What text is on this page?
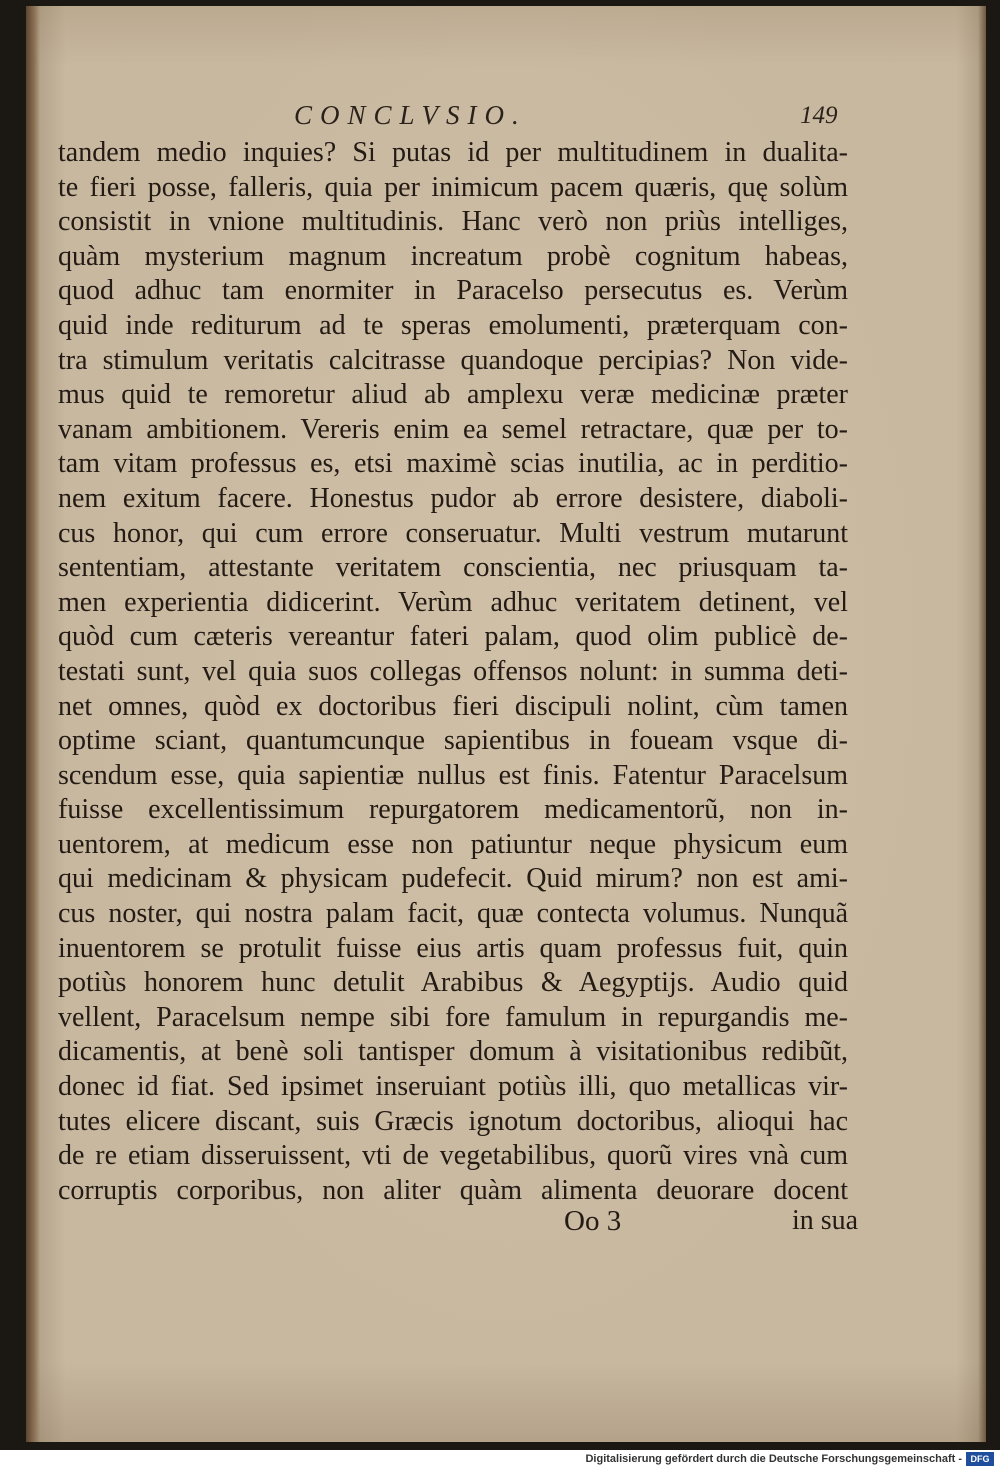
CONCLVSIO.	149
tandem medio inquies? Si putas id per multitudinem in dualita-
te fieri posse, falleris, quia per inimicum pacem quæris, quę solùm
consistit in vnione multitudinis. Hanc verò non priùs intelliges,
quàm mysterium magnum increatum probè cognitum habeas,
quod adhuc tam enormiter in Paracelso persecutus es. Verùm
quid inde rediturum ad te speras emolumenti, præterquam con-
tra stimulum veritatis calcitrasse quandoque percipias? Non vide-
mus quid te remoretur aliud ab amplexu veræ medicinæ præter
vanam ambitionem. Vereris enim ea semel retractare, quæ per to-
tam vitam professus es, etsi maximè scias inutilia, ac in perditio-
nem exitum facere. Honestus pudor ab errore desistere, diaboli-
cus honor, qui cum errore conseruatur. Multi vestrum mutarunt
sententiam, attestante veritatem conscientia, nec priusquam ta-
men experientia didicerint. Verùm adhuc veritatem detinent, vel
quòd cum cæteris vereantur fateri palam, quod olim publicè de-
testati sunt, vel quia suos collegas offensos nolunt: in summa deti-
net omnes, quòd ex doctoribus fieri discipuli nolint, cùm tamen
optime sciant, quantumcunque sapientibus in foueam vsque di-
scendum esse, quia sapientiæ nullus est finis. Fatentur Paracelsum
fuisse excellentissimum repurgatorem medicamentorũ, non in-
uentorem, at medicum esse non patiuntur neque physicum eum
qui medicinam & physicam pudefecit. Quid mirum? non est ami-
cus noster, qui nostra palam facit, quæ contecta volumus. Nunquã
inuentorem se protulit fuisse eius artis quam professus fuit, quin
potiùs honorem hunc detulit Arabibus & Aegyptijs. Audio quid
vellent, Paracelsum nempe sibi fore famulum in repurgandis me-
dicamentis, at benè soli tantisper domum à visitationibus redibũt,
donec id fiat. Sed ipsimet inseruiant potiùs illi, quo metallicas vir-
tutes elicere discant, suis Græcis ignotum doctoribus, alioqui hac
de re etiam disseruissent, vti de vegetabilibus, quorũ vires vnà cum
corruptis corporibus, non aliter quàm alimenta deuorare docent
Oo 3	in sua
Digitalisierung gefördert durch die Deutsche Forschungsgemeinschaft - DFG
